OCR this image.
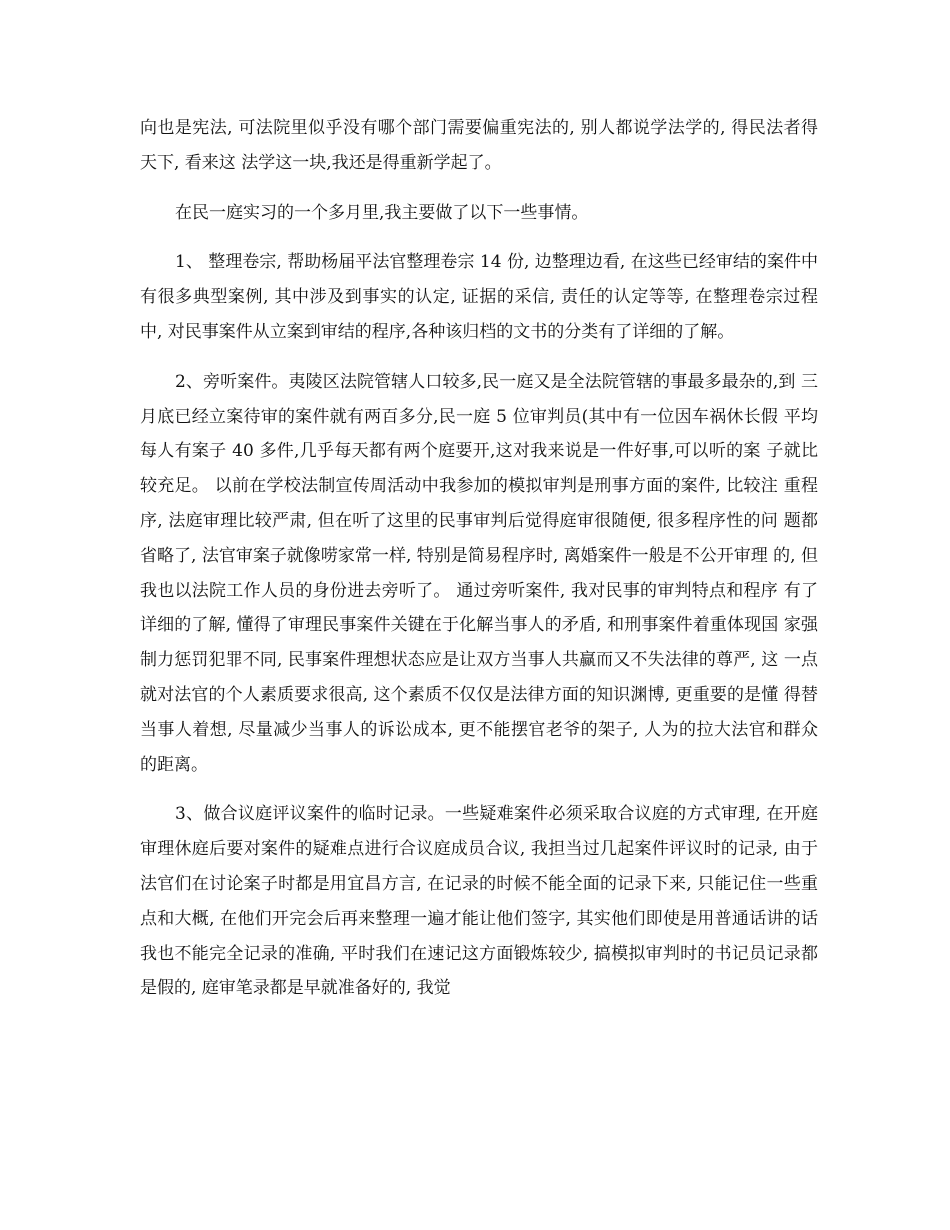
向也是宪法, 可法院里似乎没有哪个部门需要偏重宪法的, 别人都说学法学的, 得民法者得天下, 看来这 法学这一块,我还是得重新学起了。

在民一庭实习的一个多月里,我主要做了以下一些事情。

1、 整理卷宗, 帮助杨届平法官整理卷宗 14 份, 边整理边看, 在这些已经审结的案件中 有很多典型案例, 其中涉及到事实的认定, 证据的采信, 责任的认定等等, 在整理卷宗过程 中, 对民事案件从立案到审结的程序,各种该归档的文书的分类有了详细的了解。

2、旁听案件。夷陵区法院管辖人口较多,民一庭又是全法院管辖的事最多最杂的,到 三月底已经立案待审的案件就有两百多分,民一庭 5 位审判员(其中有一位因车祸休长假 平均每人有案子 40 多件,几乎每天都有两个庭要开,这对我来说是一件好事,可以听的案 子就比较充足。 以前在学校法制宣传周活动中我参加的模拟审判是刑事方面的案件, 比较注 重程序, 法庭审理比较严肃, 但在听了这里的民事审判后觉得庭审很随便, 很多程序性的问 题都省略了, 法官审案子就像唠家常一样, 特别是简易程序时, 离婚案件一般是不公开审理 的, 但我也以法院工作人员的身份进去旁听了。 通过旁听案件, 我对民事的审判特点和程序 有了详细的了解, 懂得了审理民事案件关键在于化解当事人的矛盾, 和刑事案件着重体现国 家强制力惩罚犯罪不同, 民事案件理想状态应是让双方当事人共赢而又不失法律的尊严, 这 一点就对法官的个人素质要求很高, 这个素质不仅仅是法律方面的知识渊博, 更重要的是懂 得替当事人着想, 尽量减少当事人的诉讼成本, 更不能摆官老爷的架子, 人为的拉大法官和群众的距离。

3、做合议庭评议案件的临时记录。一些疑难案件必须采取合议庭的方式审理, 在开庭 审理休庭后要对案件的疑难点进行合议庭成员合议, 我担当过几起案件评议时的记录, 由于 法官们在讨论案子时都是用宜昌方言, 在记录的时候不能全面的记录下来, 只能记住一些重 点和大概, 在他们开完会后再来整理一遍才能让他们签字, 其实他们即使是用普通话讲的话 我也不能完全记录的准确, 平时我们在速记这方面锻炼较少, 搞模拟审判时的书记员记录都 是假的, 庭审笔录都是早就准备好的, 我觉
